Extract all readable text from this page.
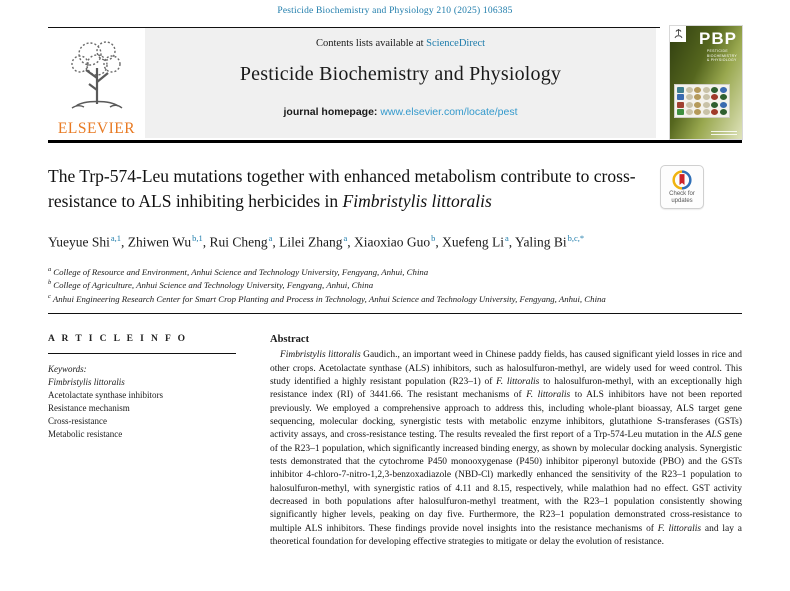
Pesticide Biochemistry and Physiology 210 (2025) 106385
ELSEVIER
Contents lists available at ScienceDirect
Pesticide Biochemistry and Physiology
journal homepage: www.elsevier.com/locate/pest
PBP
PESTICIDE
BIOCHEMISTRY
& PHYSIOLOGY
The Trp-574-Leu mutations together with enhanced metabolism contribute to cross-resistance to ALS inhibiting herbicides in Fimbristylis littoralis
Yueyue Shi$^{a,1}$, Zhiwen Wu$^{b,1}$, Rui Cheng$^a$, Lilei Zhang$^a$, Xiaoxiao Guo$^b$, Xuefeng Li$^a$, Yaling $Bi^{b,c,*}$
$^a$ College of Resource and Environment, Anhui Science and Technology University, Fengyang, Anhui, China
$^b$ College of Agriculture, Anhui Science and Technology University, Fengyang, Anhui, China
$^c$ Anhui Engineering Research Center for Smart Crop Planting and Process in Technology, Anhui Science and Technology University, Fengyang, Anhui, China
A R T I C L E I N F O
Keywords:
Fimbristylis littoralis
Acetolactate synthase inhibitors
Resistance mechanism
Cross-resistance
Metabolic resistance
Abstract
Fimbristylis littoralis Gaudich., an important weed in Chinese paddy fields, has caused significant yield losses in rice and other crops. Acetolactate synthase (ALS) inhibitors, such as halosulfuron-methyl, are widely used for weed control. This study identified a highly resistant population (R23–1) of F. littoralis to halosulfuron-methyl, with an exceptionally high resistance index (RI) of 3441.66. The resistant mechanisms of F. littoralis to ALS inhibitors have not been reported previously. We employed a comprehensive approach to address this, including whole-plant bioassay, ALS target gene sequencing, molecular docking, synergistic tests with metabolic enzyme inhibitors, glutathione S-transferases (GSTs) activity assays, and cross-resistance testing. The results revealed the first report of a Trp-574-Leu mutation in the ALS gene of the R23–1 population, which significantly increased binding energy, as shown by molecular docking analysis. Synergistic tests demonstrated that the cytochrome P450 monooxygenase (P450) inhibitor piperonyl butoxide (PBO) and the GSTs inhibitor 4-chloro-7-nitro-1,2,3-benzoxadiazole (NBD-Cl) markedly enhanced the sensitivity of the R23–1 population to halosulfuron-methyl, with synergistic ratios of 4.11 and 8.15, respectively, while malathion had no effect. GST activity decreased in both populations after halosulfuron-methyl treatment, with the R23–1 population consistently showing significantly higher levels, peaking on day five. Furthermore, the R23–1 population demonstrated cross-resistance to multiple ALS inhibitors. These findings provide novel insights into the resistance mechanisms of F. littoralis and lay a theoretical foundation for developing effective strategies to mitigate or delay the evolution of resistance.
Check for
updates
